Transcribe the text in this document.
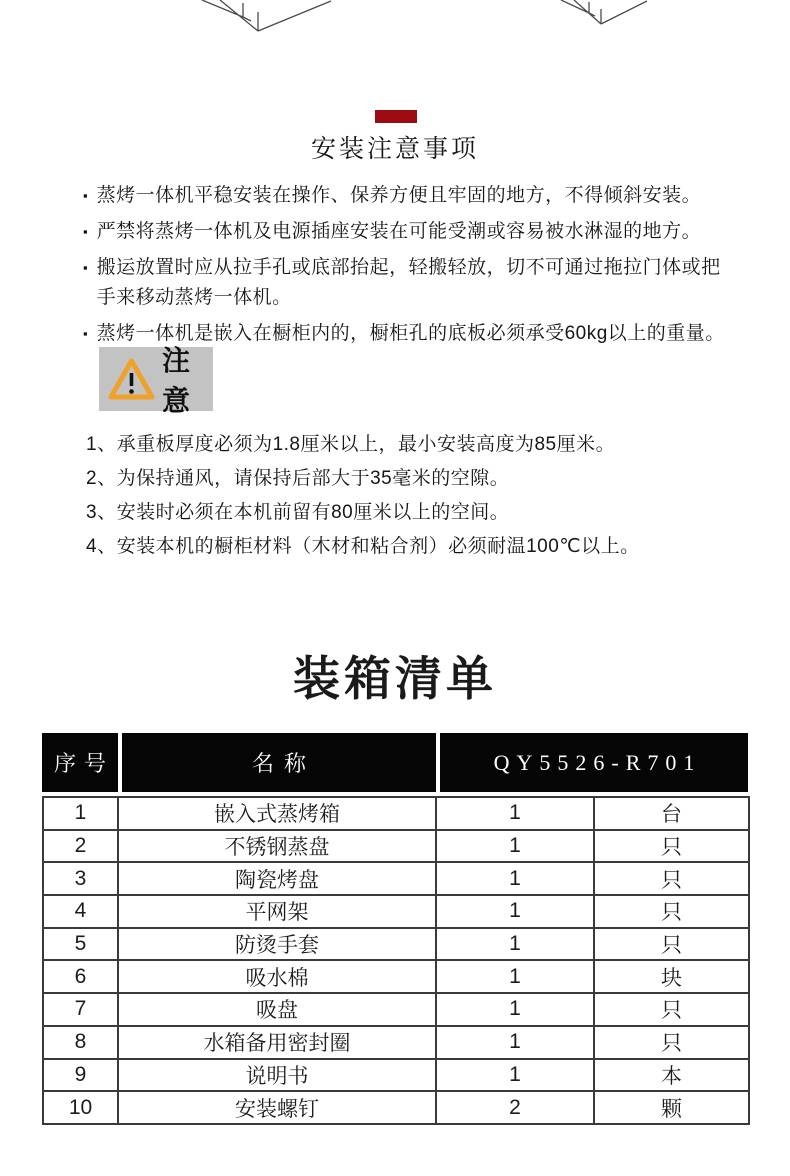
安装注意事项
▪ 蒸烤一体机平稳安装在操作、保养方便且牢固的地方，不得倾斜安装。
▪ 严禁将蒸烤一体机及电源插座安装在可能受潮或容易被水淋湿的地方。
▪ 搬运放置时应从拉手孔或底部抬起，轻搬轻放，切不可通过拖拉门体或把手来移动蒸烤一体机。
▪ 蒸烤一体机是嵌入在橱柜内的，橱柜孔的底板必须承受60kg以上的重量。
注意
1、承重板厚度必须为1.8厘米以上，最小安装高度为85厘米。
2、为保持通风，请保持后部大于35毫米的空隙。
3、安装时必须在本机前留有80厘米以上的空间。
4、安装本机的橱柜材料（木材和粘合剂）必须耐温100℃以上。
装箱清单
序号	名称	QY5526-R701
1	嵌入式蒸烤箱	1	台
2	不锈钢蒸盘	1	只
3	陶瓷烤盘	1	只
4	平网架	1	只
5	防烫手套	1	只
6	吸水棉	1	块
7	吸盘	1	只
8	水箱备用密封圈	1	只
9	说明书	1	本
10	安装螺钉	2	颗
